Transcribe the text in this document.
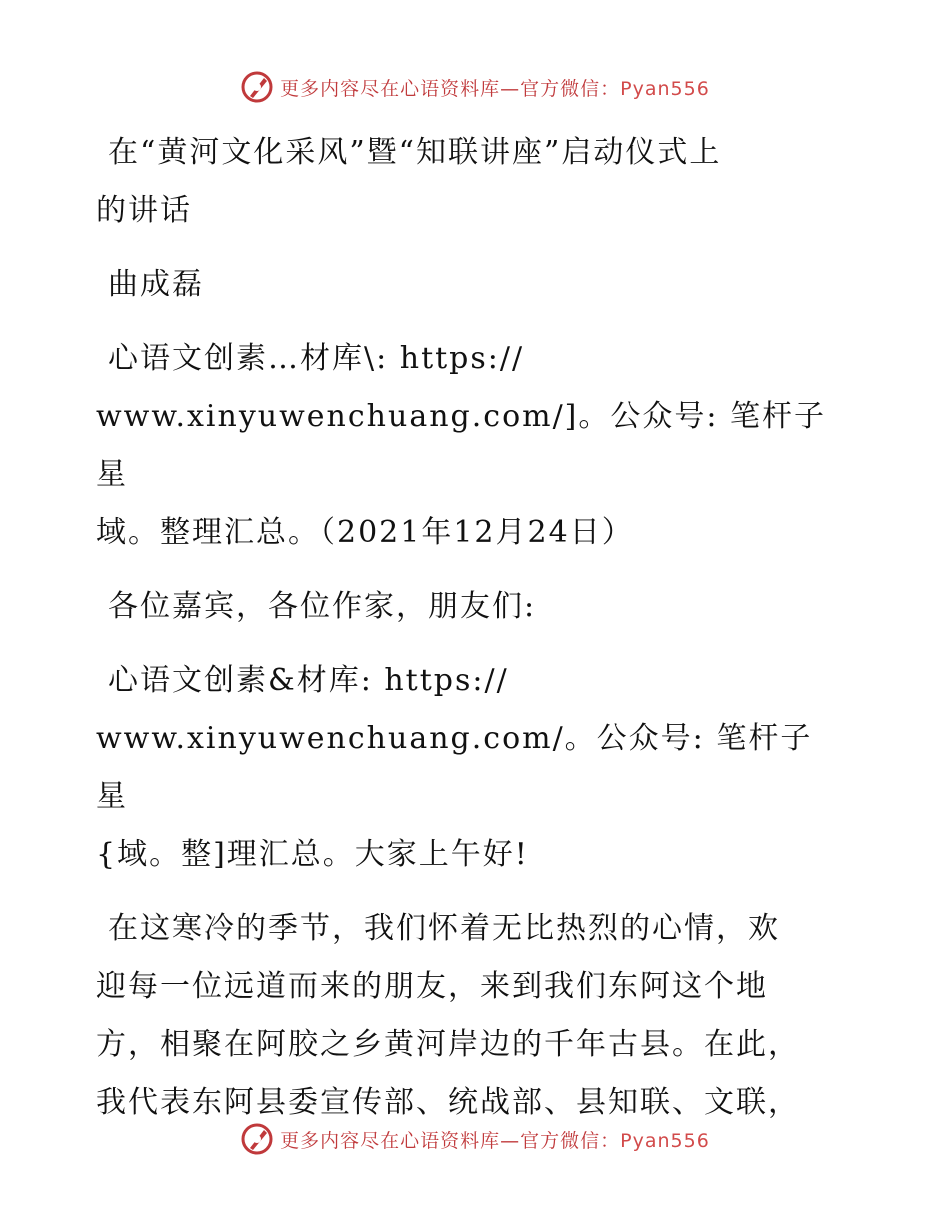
更多内容尽在心语资料库—官方微信：Pyan556

在“黄河文化采风”暨“知联讲座”启动仪式上

的讲话

曲成磊

心语文创素…材库\: https://

www.xinyuwenchuang.com/]。公众号: 笔杆子星

域。整理汇总。（2021年12月24日）

各位嘉宾，各位作家，朋友们:

心语文创素&材库: https://

www.xinyuwenchuang.com/。公众号: 笔杆子星

{域。整]理汇总。大家上午好!

在这寒冷的季节，我们怀着无比热烈的心情，欢

迎每一位远道而来的朋友，来到我们东阿这个地

方，相聚在阿胶之乡黄河岸边的千年古县。在此，

我代表东阿县委宣传部、统战部、县知联、文联，

更多内容尽在心语资料库—官方微信：Pyan556
